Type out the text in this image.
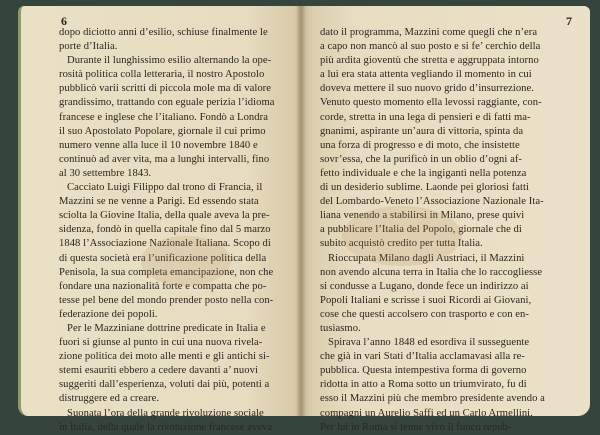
6
dopo diciotto anni d’esilio, schiuse finalmente le
porte d’Italia.
Durante il lunghissimo esilio alternando la ope-
rosità politica colla letteraria, il nostro Apostolo
pubblicò varii scritti di piccola mole ma di valore
grandissimo, trattando con eguale perizia l’idioma
francese e inglese che l’italiano. Fondò a Londra
il suo Apostolato Popolare, giornale il cui primo
numero venne alla luce il 10 novembre 1840 e
continuò ad aver vita, ma a lunghi intervalli, fino
al 30 settembre 1843.
Cacciato Luigi Filippo dal trono di Francia, il
Mazzini se ne venne a Parigi. Ed essendo stata
sciolta la Giovine Italia, della quale aveva la pre-
sidenza, fondò in quella capitale fino dal 5 marzo
1848 l’Associazione Nazionale Italiana. Scopo di
di questa società era l’unificazione politica della
Penisola, la sua completa emancipazione, non che
fondare una nazionalità forte e compatta che po-
tesse pel bene del mondo prender posto nella con-
federazione dei popoli.
Per le Mazziniane dottrine predicate in Italia e
fuori si giunse al punto in cui una nuova rivela-
zione politica dei moto alle menti e gli antichi si-
stemi esauriti ebbero a cedere davanti a’ nuovi
suggeriti dall’esperienza, voluti dai più, potenti a
distruggere ed a creare.
Suonata l’ora della grande rivoluzione sociale
in Italia, della quale la rivoluzione francese aveva
7
dato il programma, Mazzini come quegli che n’era
a capo non mancò al suo posto e si fe’ cerchio della
più ardita gioventù che stretta e aggruppata intorno
a lui era stata attenta vegliando il momento in cui
doveva mettere il suo nuovo grido d’insurrezione.
Venuto questo momento ella levossi raggiante, con-
corde, stretta in una lega di pensieri e di fatti ma-
gnanimi, aspirante un’aura di vittoria, spinta da
una forza di progresso e di moto, che insistette
sovr’essa, che la purificò in un oblio d’ogni af-
fetto individuale e che la ingigantì nella potenza
di un desiderio sublime. Laonde pei gloriosi fatti
del Lombardo-Veneto l’Associazione Nazionale Ita-
liana venendo a stabilirsi in Milano, prese quivi
a pubblicare l’Italia del Popolo, giornale che di
subito acquistò credito per tutta Italia.
Rioccupata Milano dagli Austriaci, il Mazzini
non avendo alcuna terra in Italia che lo raccogliesse
si condusse a Lugano, donde fece un indirizzo ai
Popoli Italiani e scrisse i suoi Ricordi ai Giovani,
cose che questi accolsero con trasporto e con en-
tusiasmo.
Spirava l’anno 1848 ed esordiva il susseguente
che già in vari Stati d’Italia acclamavasi alla re-
pubblica. Questa intempestiva forma di governo
ridotta in atto a Roma sotto un triumvirato, fu di
esso il Mazzini più che membro presidente avendo a
compagni un Aurelio Saffi ed un Carlo Armellini.
Per lui in Roma si tenne vivo il fuoco repub-
